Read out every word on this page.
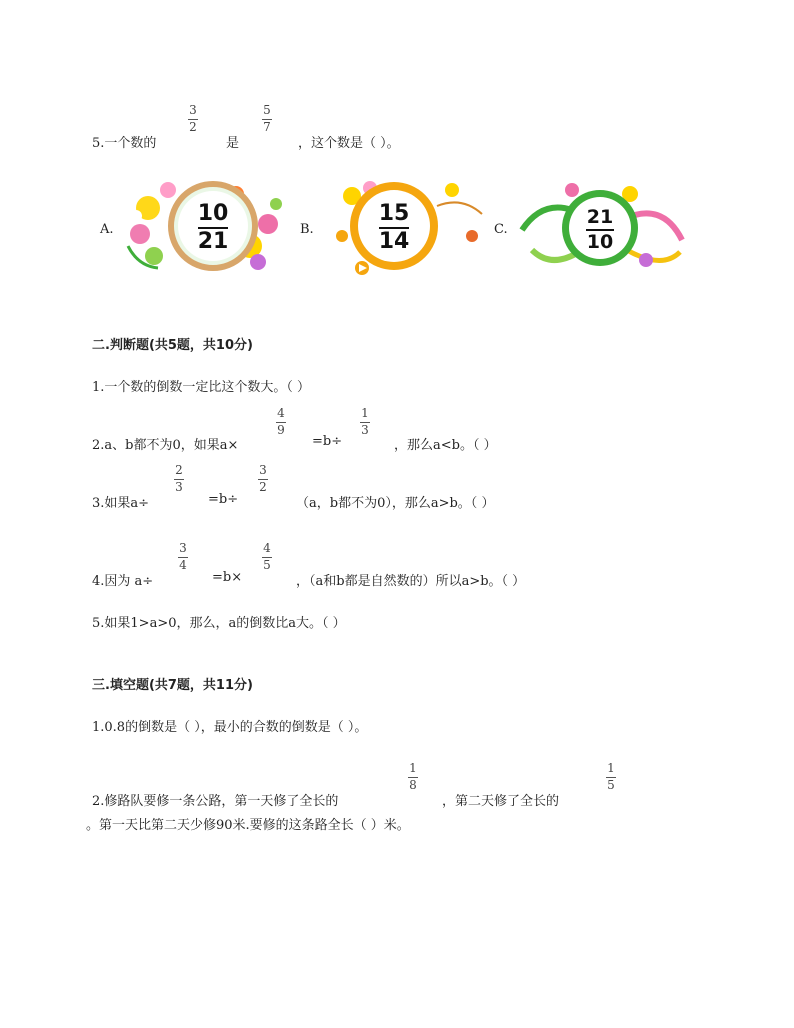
5.一个数的
3
2
是
5
7
，这个数是（ ）。
A.
10
21	B.
15
14	C.
21
10
二.判断题(共5题，共10分)
1.一个数的倒数一定比这个数大。（ ）
2.a、b都不为0，如果a×
4
9
=b÷
1
3
，那么a<b。（ ）
3.如果a÷
2
3
=b÷
3
2
（a，b都不为0），那么a>b。（ ）
4.因为 a÷
3
4
=b×
4
5
，（a和b都是自然数的）所以a>b。（ ）
5.如果1>a>0，那么，a的倒数比a大。（ ）
三.填空题(共7题，共11分)
1.0.8的倒数是（ ），最小的合数的倒数是（ ）。
2.修路队要修一条公路，第一天修了全长的
1
8
，第二天修了全长的
1
5
。第一天比第二天少修90米.要修的这条路全长（ ）米。
